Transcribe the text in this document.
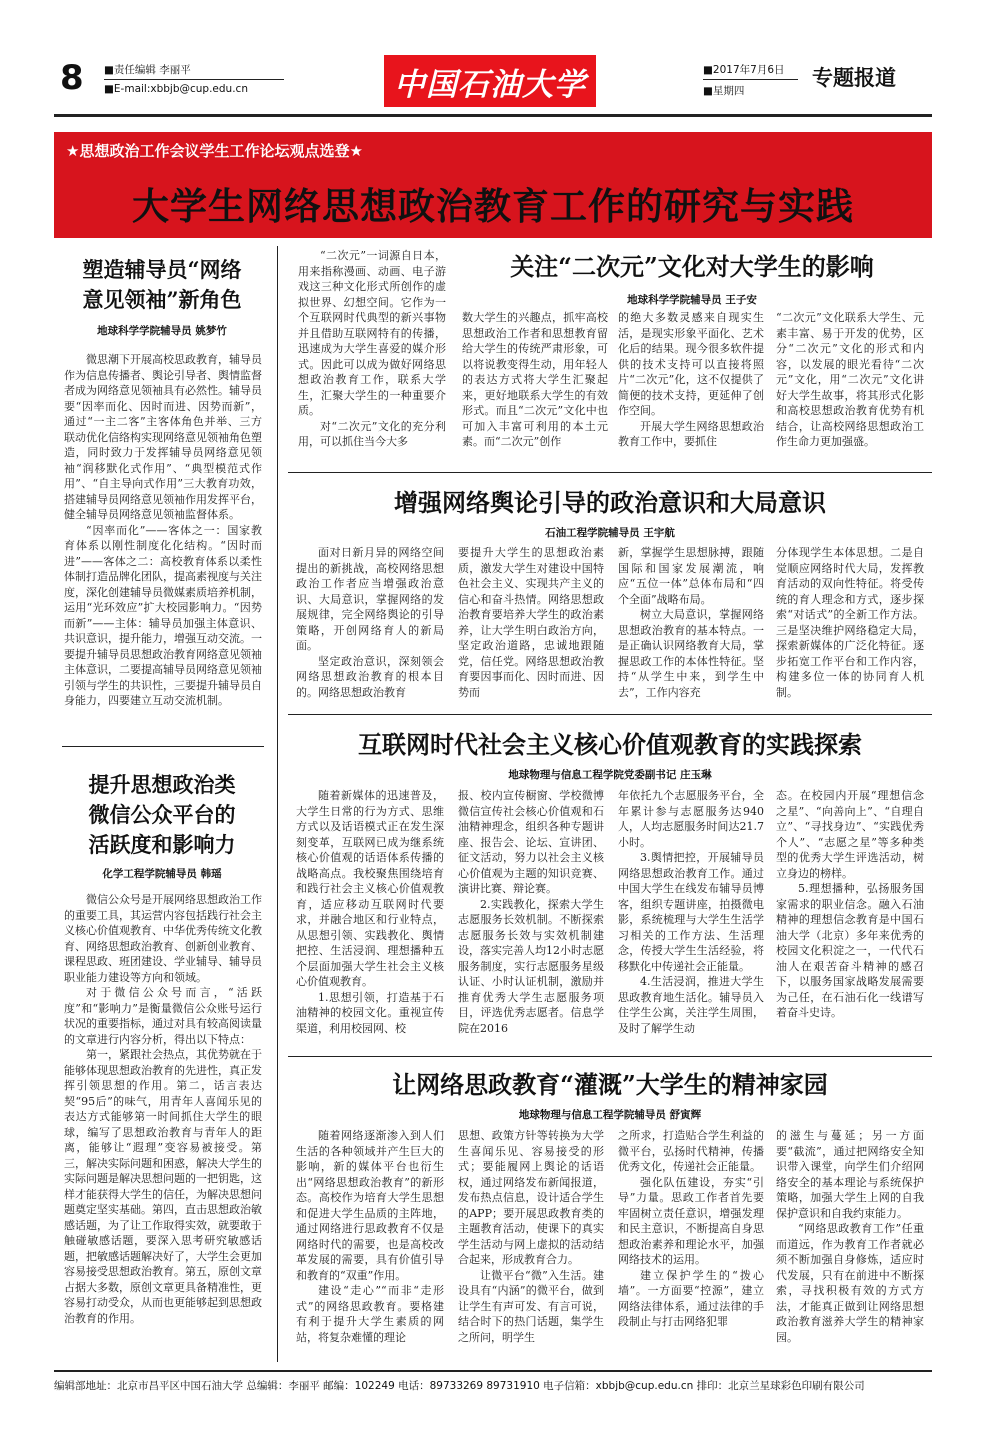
8 ■责任编辑 李丽平
■E-mail:xbbjb@cup.edu.cn	中国石油大学	■2017年7月6日
■星期四
专题报道
★思想政治工作会议学生工作论坛观点选登★
大学生网络思想政治教育工作的研究与实践
塑造辅导员“网络
意见领袖”新角色
地球科学学院辅导员 姚梦竹

微思潮下开展高校思政教育，辅导员作为信息传播者、舆论引导者、舆情监督者成为网络意见领袖具有必然性。辅导员要“因率而化、因时而进、因势而新”，通过“一主二客”主客体角色并举、三方联动优化信络构实现网络意见领袖角色塑造，同时致力于发挥辅导员网络意见领袖“润移默化式作用”、“典型模范式作用”、“自主导向式作用”三大教育功效，搭建辅导员网络意见领袖作用发挥平台，健全辅导员网络意见领袖监督体系。

“因率而化”——客体之一：国家教育体系以刚性制度化化结构。“因时而进”——客体之二：高校教育体系以柔性体制打造品牌化团队，提高素视度与关注度，深化创建辅导员微媒素质培养机制，运用“光环效应”扩大校园影响力。“因势而新”——主体：辅导员加强主体意识、共识意识，提升能力，增强互动交流。一要提升辅导员思想政治教育网络意见领袖主体意识，二要提高辅导员网络意见领袖引领与学生的共识性，三要提升辅导员自身能力，四要建立互动交流机制。

提升思想政治类
微信公众平台的
活跃度和影响力
化学工程学院辅导员 韩瑶

微信公众号是开展网络思想政治工作的重要工具，其运营内容包括践行社会主义核心价值观教育、中华优秀传统文化教育、网络思想政治教育、创新创业教育、课程思政、班团建设、学业辅导、辅导员职业能力建设等方向和领域。

对于微信公众号而言，“活跃度”和“影响力”是衡量微信公众账号运行状况的重要指标，通过对具有较高阅读量的文章进行内容分析，得出以下特点：

第一，紧跟社会热点，其优势就在于能够体现思想政治教育的先进性，真正发挥引领思想的作用。第二，话言表达契“95后”的味气，用青年人喜闻乐见的表达方式能够第一时间抓住大学生的眼球，编写了思想政治教育与青年人的距离，能够让“遐理”变容易被接受。第三，解决实际问题和困惑，解决大学生的实际问题是解决思想问题的一把钥匙，这样才能获得大学生的信任，为解决思想问题奠定坚实基础。第四，直击思想政治敏感话题，为了让工作取得实效，就要敢于触碰敏感话题，要深入思考研究敏感话题，把敏感话题解决好了，大学生会更加容易接受思想政治教育。第五，原创文章占据大多数，原创文章更具备精准性，更容易打动受众，从而也更能够起到思想政治教育的作用。

“二次元”一词源自日本，用来指称漫画、动画、电子游戏这三种文化形式所创作的虚拟世界、幻想空间。它作为一个互联网时代典型的新兴事物并且借助互联网特有的传播，迅速成为大学生喜爱的媒介形式。因此可以成为做好网络思想政治教育工作，联系大学生，汇聚大学生的一种重要介质。

对“二次元”文化的充分利用，可以抓住当今大多

关注“二次元”文化对大学生的影响
地球科学学院辅导员 王子安

数大学生的兴趣点，抓牢高校思想政治工作者和思想教育留给大学生的传统严肃形象，可以将说教变得生动，用年轻人的表达方式将大学生汇聚起来，更好地联系大学生的有效形式。而且“二次元”文化中也可加入丰富可利用的本土元素。而“二次元”创作

的绝大多数灵感来自现实生活，是现实形象平面化、艺术化后的结果。现今很多软件提供的技术支持可以直接将照片“二次元”化，这不仅提供了简便的技术支持，更延伸了创作空间。

开展大学生网络思想政治教育工作中，要抓住

“二次元”文化联系大学生、元素丰富、易于开发的优势，区分“二次元”文化的形式和内容，以发展的眼光看待“二次元”文化，用“二次元”文化讲好大学生故事，将其形式化影和高校思想政治教育优势有机结合，让高校网络思想政治工作生命力更加强盛。

增强网络舆论引导的政治意识和大局意识
石油工程学院辅导员 王宇航

面对日新月异的网络空间提出的新挑战，高校网络思想政治工作者应当增强政治意识、大局意识，掌握网络的发展规律，完全网络舆论的引导策略，开创网络育人的新局面。

坚定政治意识，深刻领会网络思想政治教育的根本目的。网络思想政治教育

要提升大学生的思想政治素质，激发大学生对建设中国特色社会主义、实现共产主义的信心和奋斗热情。网络思想政治教育要培养大学生的政治素养，让大学生明白政治方向，坚定政治道路，忠诚地跟随党，信任党。网络思想政治教育要因事而化、因时而进、因势而

新，掌握学生思想脉搏，跟随国际和国家发展潮流，响应“五位一体”总体布局和“四个全面”战略布局。

树立大局意识，掌握网络思想政治教育的基本特点。一是正确认识网络教育大局，掌握思政工作的本体性特征。坚持“从学生中来，到学生中去”，工作内容充

分体现学生本体思想。二是自觉顺应网络时代大局，发挥教育活动的双向性特征。将受传统的育人理念和方式，逐步探索“对话式”的全新工作方法。三是坚决维护网络稳定大局，探索新媒体的广泛化特征。逐步拓宽工作平台和工作内容，构建多位一体的协同育人机制。

互联网时代社会主义核心价值观教育的实践探索
地球物理与信息工程学院党委副书记 庄玉琳

随着新媒体的迅速普及，大学生日常的行为方式、思维方式以及话语模式正在发生深刻变革，互联网已成为继系统核心价值观的话语体系传播的战略高点。我校聚焦围绕培育和践行社会主义核心价值观教育，适应移动互联网时代要求，并融合地区和行业特点，从思想引领、实践教化、舆情把控、生活浸润、理想播种五个层面加强大学生社会主义核心价值观教育。

1.思想引领，打造基于石油精神的校园文化。重视宣传渠道，利用校园网、校

报、校内宣传橱窗、学校微博微信宣传社会核心价值观和石油精神理念，组织各种专题讲座、报告会、论坛、宣讲团、征文活动，努力以社会主义核心价值观为主题的知识竞赛、演讲比赛、辩论赛。

2.实践教化，探索大学生志愿服务长效机制。不断探索志愿服务长效与实效机制建设，落实完善人均12小时志愿服务制度，实行志愿服务星级认证、小时认证机制，激励并推育优秀大学生志愿服务项目，评选优秀志愿者。信息学院在2016

年依托九个志愿服务平台，全年累计参与志愿服务达940人，人均志愿服务时间达21.7小时。

3.舆情把控，开展辅导员网络思想政治教育工作。通过中国大学生在线发布辅导员博客，组织专题讲座，拍摄微电影，系统梳理与大学生生活学习相关的工作方法、生活理念，传授大学生生活经验，将移默化中传递社会正能量。

4.生活浸润，推进大学生思政教育地生活化。辅导员入住学生公寓，关注学生周围，及时了解学生动

态。在校园内开展“理想信念之星”、“向善向上”、“自理自立”、“寻找身边”、“实践优秀个人”、“志愿之星”等多种类型的优秀大学生评选活动，树立身边的榜样。

5.理想播种，弘扬服务国家需求的职业信念。融入石油精神的理想信念教育是中国石油大学（北京）多年来优秀的校园文化积淀之一，一代代石油人在艰苦奋斗精神的感召下，以服务国家战略发展需要为己任，在石油石化一线谱写着奋斗史诗。

让网络思政教育“灌溉”大学生的精神家园
地球物理与信息工程学院辅导员 舒寅辉

随着网络逐渐渗入到人们生活的各种领域并产生巨大的影响，新的媒体平台也衍生出“网络思想政治教育”的新形态。高校作为培育大学生思想和促进大学生品质的主阵地，通过网络进行思政教育不仅是网络时代的需要，也是高校改革发展的需要，具有价值引导和教育的“双重”作用。

建设“走心”“而非“走形式”的网络思政教育。要格建有利于提升大学生素质的网站，将复杂难懂的理论

思想、政策方针等转换为大学生喜闻乐见、容易接受的形式；要能履网上舆论的话语权，通过网络发布新闻报道，发布热点信息，设计适合学生的APP；要开展思政教育类的主题教育活动，使课下的真实学生活动与网上虚拟的活动结合起来，形成教育合力。

让微平台“微”入生活。建设具有“内涵”的微平台，做到让学生有声可发、有言可说，结合时下的热门话题，集学生之所问，明学生

之所求，打造贴合学生利益的微平台，弘扬时代精神，传播优秀文化，传递社会正能量。

强化队伍建设，夯实“引导”力量。思政工作者首先要牢固树立责任意识，增强发理和民主意识，不断提高自身思想政治素养和理论水平，加强网络技术的运用。

建立保护学生的“拨心墙”。一方面要“控源”，建立网络法律体系，通过法律的手段制止与打击网络犯罪

的滋生与蔓延；另一方面要“截流”，通过把网络安全知识带入课堂，向学生们介绍网络安全的基本理论与系统保护策略，加强大学生上网的自我保护意识和自我约束能力。

“网络思政教育工作”任重而道远，作为教育工作者就必须不断加强自身修炼，适应时代发展，只有在前进中不断探索，寻找积极有效的方式方法，才能真正做到让网络思想政治教育滋养大学生的精神家园。

编辑部地址：北京市昌平区中国石油大学 总编辑：李丽平 邮编：102249 电话：89733269 89731910 电子信箱：xbbjb@cup.edu.cn 排印：北京兰星球彩色印刷有限公司
